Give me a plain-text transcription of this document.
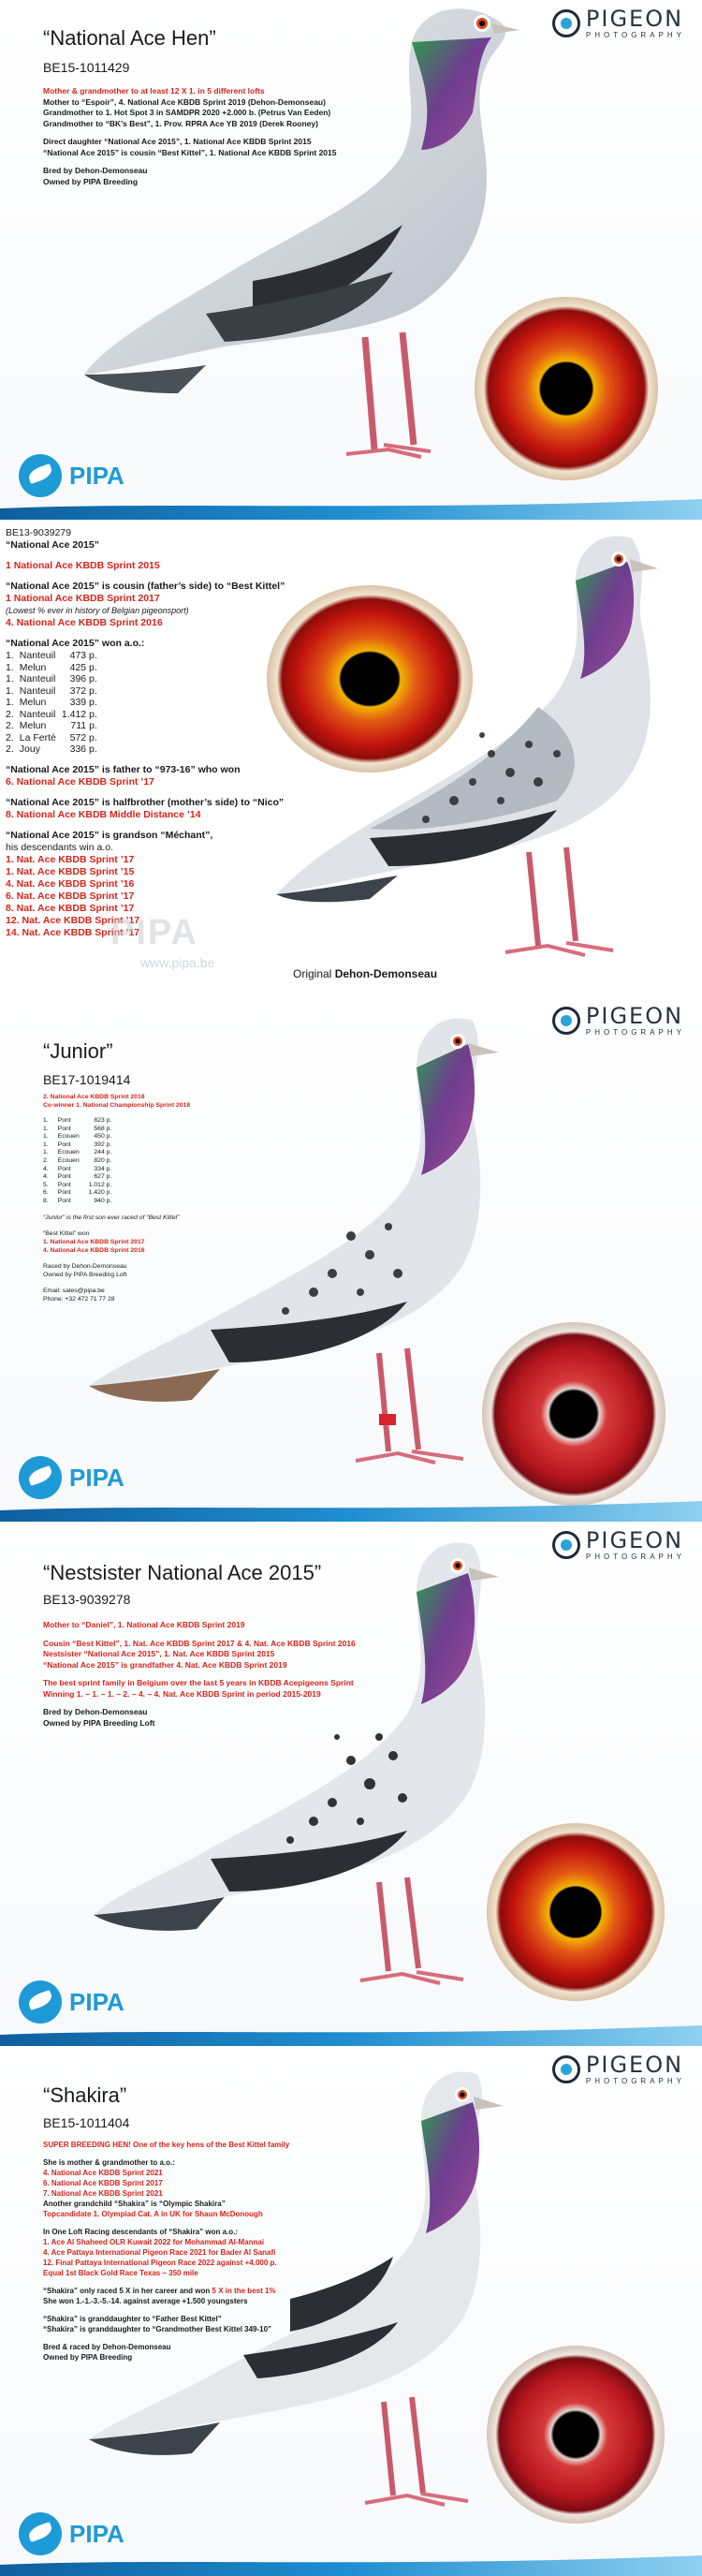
PIGEON
PHOTOGRAPHY
“National Ace Hen”
BE15-1011429

Mother & grandmother to at least 12 X 1. in 5 different lofts

Mother to “Espoir”, 4. National Ace KBDB Sprint 2019 (Dehon-Demonseau)

Grandmother to 1. Hot Spot 3 in SAMDPR 2020 +2.000 b. (Petrus Van Eeden)

Grandmother to “BK’s Best”, 1. Prov. RPRA Ace YB 2019 (Derek Rooney)

Direct daughter “National Ace 2015”, 1. National Ace KBDB Sprint 2015

“National Ace 2015” is cousin “Best Kittel”, 1. National Ace KBDB Sprint 2015

Bred by Dehon-Demonseau

Owned by PIPA Breeding

PIPA

BE13-9039279

“National Ace 2015”

1 National Ace KBDB Sprint 2015

“National Ace 2015” is cousin (father’s side) to “Best Kittel”

1 National Ace KBDB Sprint 2017

(Lowest % ever in history of Belgian pigeonsport)

4. National Ace KBDB Sprint 2016

“National Ace 2015” won a.o.:

1.	Nanteuil	473 p.
1.	Melun	425 p.
1.	Nanteuil	396 p.
1.	Nanteuil	372 p.
1.	Melun	339 p.
2.	Nanteuil	1.412 p.
2.	Melun	711 p.
2.	La Ferté	572 p.
2.	Jouy	336 p.

“National Ace 2015” is father to “973-16” who won

6. National Ace KBDB Sprint ’17

“National Ace 2015” is halfbrother (mother’s side) to “Nico”

8. National Ace KBDB Middle Distance ’14

“National Ace 2015” is grandson “Méchant”,

his descendants win a.o.

1. Nat. Ace KBDB Sprint ’17

1. Nat. Ace KBDB Sprint ’15

4. Nat. Ace KBDB Sprint ’16

6. Nat. Ace KBDB Sprint ’17

8. Nat. Ace KBDB Sprint ’17

12. Nat. Ace KBDB Sprint ’17

14. Nat. Ace KBDB Sprint ’17

PIPA
www.pipa.be
Original Dehon-Demonseau
PIGEON
PHOTOGRAPHY
“Junior”
BE17-1019414

2. National Ace KBDB Sprint 2018

Co-winner 1. National Championship Sprint 2018

1.	Pont	823 p.
1.	Pont	568 p.
1.	Ecouen	450 p.
1.	Pont	392 p.
1.	Ecouen	244 p.
2.	Ecouen	820 p.
4.	Pont	334 p.
4.	Pont	627 p.
5.	Pont	1.012 p.
6.	Pont	1.420 p.
8.	Pont	940 p.

“Junior” is the first son ever raced of “Best Kittel”

“Best Kittel” won

1. National Ace KBDB Sprint 2017

4. National Ace KBDB Sprint 2016

Raced by Dehon-Demonseau

Owned by PIPA Breeding Loft

Email: sales@pipa.be

Phone: +32 472 71 77 28

PIPA
PIGEON
PHOTOGRAPHY
“Nestsister National Ace 2015”
BE13-9039278

Mother to “Daniel”, 1. National Ace KBDB Sprint 2019

Cousin “Best Kittel”, 1. Nat. Ace KBDB Sprint 2017 & 4. Nat. Ace KBDB Sprint 2016

Nestsister “National Ace 2015”, 1. Nat. Ace KBDB Sprint 2015

“National Ace 2015” is grandfather 4. Nat. Ace KBDB Sprint 2019

The best sprint family in Belgium over the last 5 years in KBDB Acepigeons Sprint

Winning 1. – 1. – 1. – 2. – 4. – 4. Nat. Ace KBDB Sprint in period 2015-2019

Bred by Dehon-Demonseau

Owned by PIPA Breeding Loft

PIPA
PIGEON
PHOTOGRAPHY
“Shakira”
BE15-1011404

SUPER BREEDING HEN! One of the key hens of the Best Kittel family

She is mother & grandmother to a.o.:

4. National Ace KBDB Sprint 2021

6. National Ace KBDB Sprint 2017

7. National Ace KBDB Sprint 2021

Another grandchild “Shakira” is “Olympic Shakira”

Topcandidate 1. Olympiad Cat. A in UK for Shaun McDonough

In One Loft Racing descendants of “Shakira” won a.o.:

1. Ace Al Shaheed OLR Kuwait 2022 for Mohammad Al-Mannai

4. Ace Pattaya International Pigeon Race 2021 for Bader Al Sanafi

12. Final Pattaya International Pigeon Race 2022 against +4.000 p.

Equal 1st Black Gold Race Texas – 350 mile

“Shakira” only raced 5 X in her career and won 5 X in the best 1%

She won 1.-1.-3.-5.-14. against average +1.500 youngsters

“Shakira” is granddaughter to “Father Best Kittel”

“Shakira” is granddaughter to “Grandmother Best Kittel 349-10”

Bred & raced by Dehon-Demonseau

Owned by PIPA Breeding

PIPA
